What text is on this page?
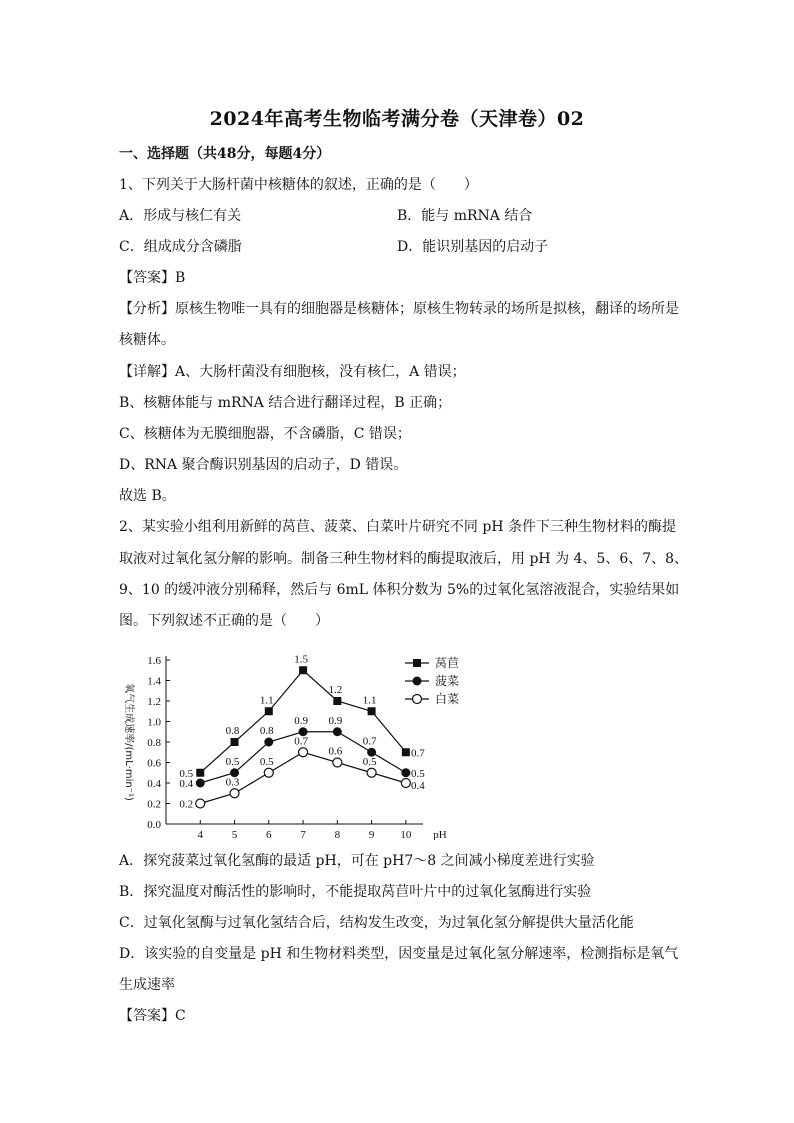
2024年高考生物临考满分卷（天津卷）02
一、选择题（共48分，每题4分）
1、下列关于大肠杆菌中核糖体的叙述，正确的是（　　）
A．形成与核仁有关	B．能与 mRNA 结合
C．组成成分含磷脂	D．能识别基因的启动子
【答案】B
【分析】原核生物唯一具有的细胞器是核糖体；原核生物转录的场所是拟核，翻译的场所是
核糖体。
【详解】A、大肠杆菌没有细胞核，没有核仁，A 错误；
B、核糖体能与 mRNA 结合进行翻译过程，B 正确；
C、核糖体为无膜细胞器，不含磷脂，C 错误；
D、RNA 聚合酶识别基因的启动子，D 错误。
故选 B。
2、某实验小组利用新鲜的莴苣、菠菜、白菜叶片研究不同 pH 条件下三种生物材料的酶提
取液对过氧化氢分解的影响。制备三种生物材料的酶提取液后，用 pH 为 4、5、6、7、8、
9、10 的缓冲液分别稀释，然后与 6mL 体积分数为 5%的过氧化氢溶液混合，实验结果如
图。下列叙述不正确的是（　　）
0.0
0.2
0.4
0.6
0.8
1.0
1.2
1.4
1.6
4	5	6	7	8	9 10 pH
氧气生成速率/(mL·min⁻¹)	0.5
0.8
1.1
1.5
1.2
1.1
0.7
0.4
0.5
0.8
0.9 0.9
0.7
0.5
0.2
0.3
0.5
0.7
0.6
0.5
0.4
莴苣
菠菜
白菜
A．探究菠菜过氧化氢酶的最适 pH，可在 pH7～8 之间减小梯度差进行实验
B．探究温度对酶活性的影响时，不能提取莴苣叶片中的过氧化氢酶进行实验
C．过氧化氢酶与过氧化氢结合后，结构发生改变，为过氧化氢分解提供大量活化能
D．该实验的自变量是 pH 和生物材料类型，因变量是过氧化氢分解速率，检测指标是氧气
生成速率
【答案】C
